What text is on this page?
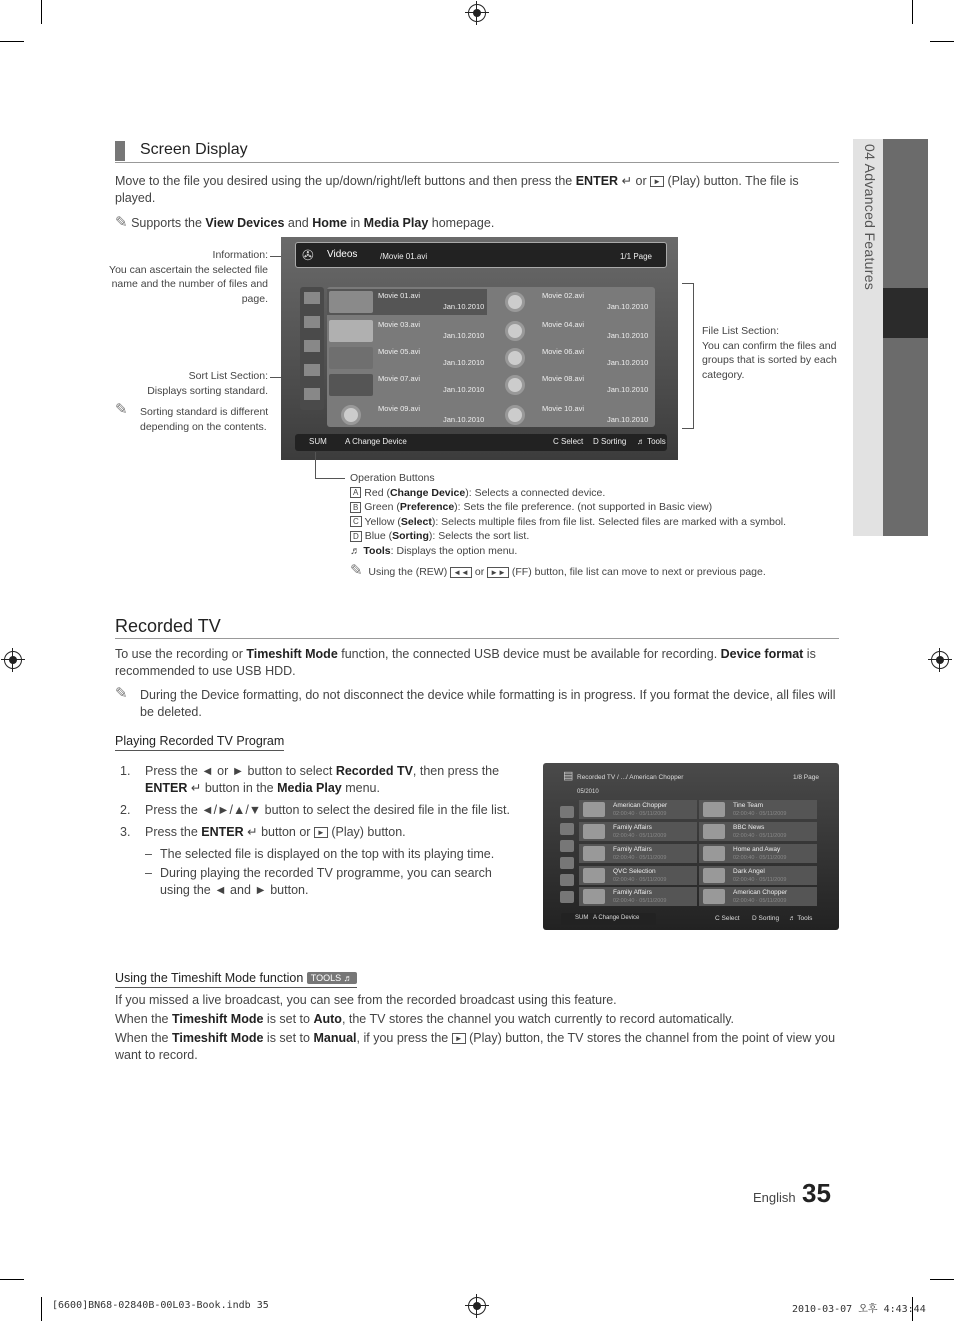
04 Advanced Features
Screen Display
Move to the file you desired using the up/down/right/left buttons and then press the ENTER ↵ or ► (Play) button. The file is played.
✎ Supports the View Devices and Home in Media Play homepage.
Information:
You can ascertain the selected file name and the number of files and page.
Sort List Section:
Displays sorting standard.
✎	Sorting standard is different depending on the contents.
File List Section:
You can confirm the files and groups that is sorted by each category.
✇ Videos	/Movie 01.avi	1/1 Page
Movie 01.avi
Jan.10.2010
Movie 02.avi
Jan.10.2010
Movie 03.avi
Jan.10.2010
Movie 04.avi
Jan.10.2010
Movie 05.avi
Jan.10.2010
Movie 06.avi
Jan.10.2010
Movie 07.avi
Jan.10.2010
Movie 08.avi
Jan.10.2010
Movie 09.avi
Jan.10.2010
Movie 10.avi
Jan.10.2010
SUM A Change Device	C Select D Sorting ♬ Tools
Operation Buttons
A Red (Change Device): Selects a connected device.
B Green (Preference): Sets the file preference. (not supported in Basic view)
C Yellow (Select): Selects multiple files from file list. Selected files are marked with a symbol.
D Blue (Sorting): Selects the sort list.
♬ Tools: Displays the option menu.
✎ Using the (REW) ◄◄ or ►► (FF) button, file list can move to next or previous page.
Recorded TV
To use the recording or Timeshift Mode function, the connected USB device must be available for recording. Device format is recommended to use USB HDD.
✎ During the Device formatting, do not disconnect the device while formatting is in progress. If you format the device, all files will be deleted.
Playing Recorded TV Program
1. Press the ◄ or ► button to select Recorded TV, then press the ENTER ↵ button in the Media Play menu.
2. Press the ◄/►/▲/▼ button to select the desired file in the file list.
3. Press the ENTER ↵ button or ► (Play) button.
– The selected file is displayed on the top with its playing time.
– During playing the recorded TV programme, you can search using the ◄ and ► button.
▤ Recorded TV / .../ American Chopper	1/8 Page
05/2010
American Chopper
02:00:40 · 05/11/2009
Tine Team
02:00:40 · 05/11/2009
Family Affairs
02:00:40 · 05/11/2009
BBC News
02:00:40 · 05/11/2009
Family Affairs
02:00:40 · 05/11/2009
Home and Away
02:00:40 · 05/11/2009
QVC Selection
02:00:40 · 05/11/2009
Dark Angel
02:00:40 · 05/11/2009
Family Affairs
02:00:40 · 05/11/2009
American Chopper
02:00:40 · 05/11/2009
SUM A Change Device	C Select D Sorting ♬ Tools
Using the Timeshift Mode function TOOLS ♬
If you missed a live broadcast, you can see from the recorded broadcast using this feature.
When the Timeshift Mode is set to Auto, the TV stores the channel you watch currently to record automatically.
When the Timeshift Mode is set to Manual, if you press the ► (Play) button, the TV stores the channel from the point of view you want to record.
English 35
[6600]BN68-02840B-00L03-Book.indb 35	2010-03-07 오후 4:43:44
